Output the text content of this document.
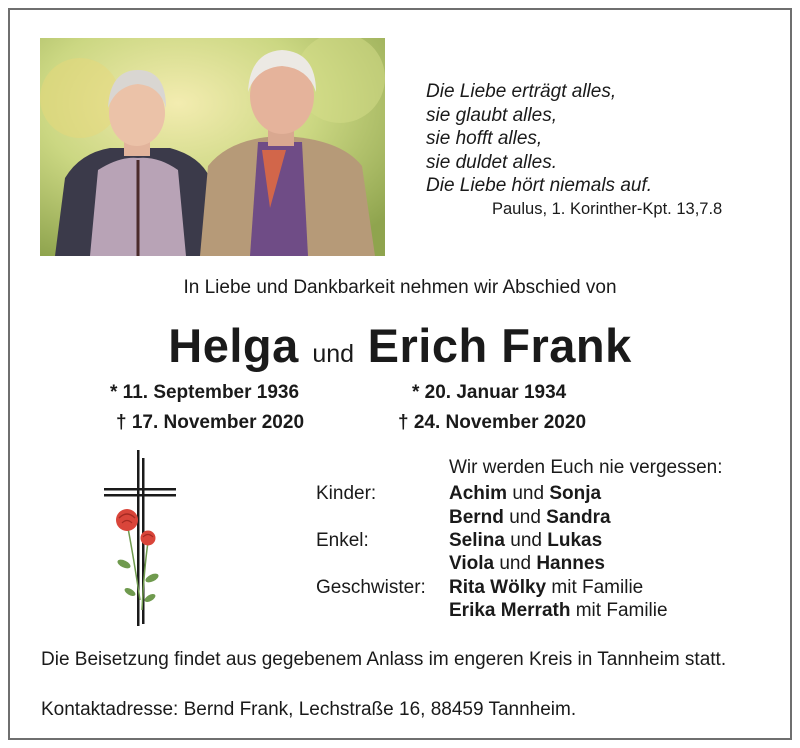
Die Liebe erträgt alles,
sie glaubt alles,
sie hofft alles,
sie duldet alles.
Die Liebe hört niemals auf.
Paulus, 1. Korinther-Kpt. 13,7.8
In Liebe und Dankbarkeit nehmen wir Abschied von
Helga und Erich Frank
* 11. September 1936
† 17. November 2020
* 20. Januar 1934
† 24. November 2020
Wir werden Euch nie vergessen:
Kinder:
Enkel:
Geschwister:
Achim und Sonja
Bernd und Sandra
Selina und Lukas
Viola und Hannes
Rita Wölky mit Familie
Erika Merrath mit Familie
Die Beisetzung findet aus gegebenem Anlass im engeren Kreis in Tannheim statt.
Kontaktadresse: Bernd Frank, Lechstraße 16, 88459 Tannheim.
